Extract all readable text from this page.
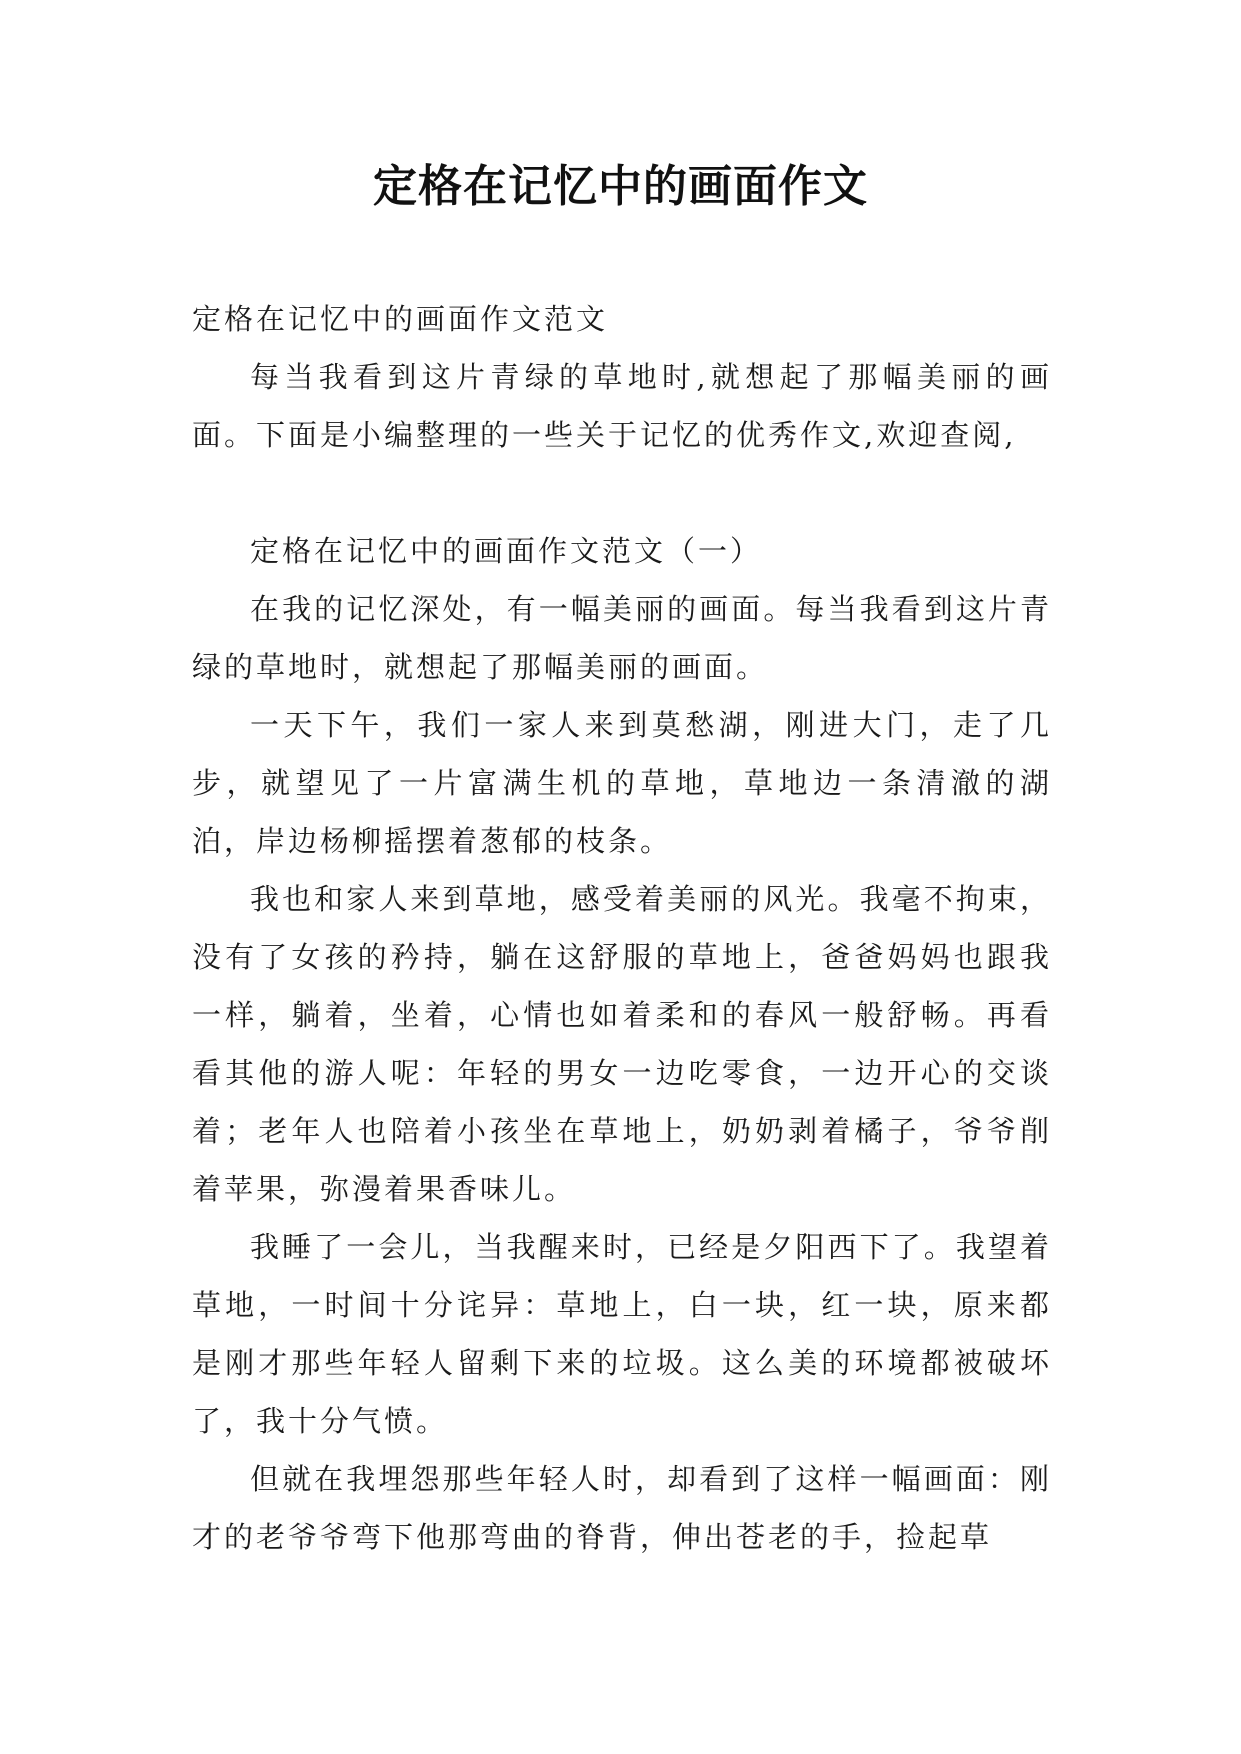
定格在记忆中的画面作文

定格在记忆中的画面作文范文

每当我看到这片青绿的草地时,就想起了那幅美丽的画面。下面是小编整理的一些关于记忆的优秀作文,欢迎查阅,

定格在记忆中的画面作文范文（一）

在我的记忆深处，有一幅美丽的画面。每当我看到这片青绿的草地时，就想起了那幅美丽的画面。

一天下午，我们一家人来到莫愁湖，刚进大门，走了几步，就望见了一片富满生机的草地，草地边一条清澈的湖泊，岸边杨柳摇摆着葱郁的枝条。

我也和家人来到草地，感受着美丽的风光。我毫不拘束，没有了女孩的矜持，躺在这舒服的草地上，爸爸妈妈也跟我一样，躺着，坐着，心情也如着柔和的春风一般舒畅。再看看其他的游人呢：年轻的男女一边吃零食，一边开心的交谈着；老年人也陪着小孩坐在草地上，奶奶剥着橘子，爷爷削着苹果，弥漫着果香味儿。

我睡了一会儿，当我醒来时，已经是夕阳西下了。我望着草地，一时间十分诧异：草地上，白一块，红一块，原来都是刚才那些年轻人留剩下来的垃圾。这么美的环境都被破坏了，我十分气愤。

但就在我埋怨那些年轻人时，却看到了这样一幅画面：刚才的老爷爷弯下他那弯曲的脊背，伸出苍老的手，捡起草
